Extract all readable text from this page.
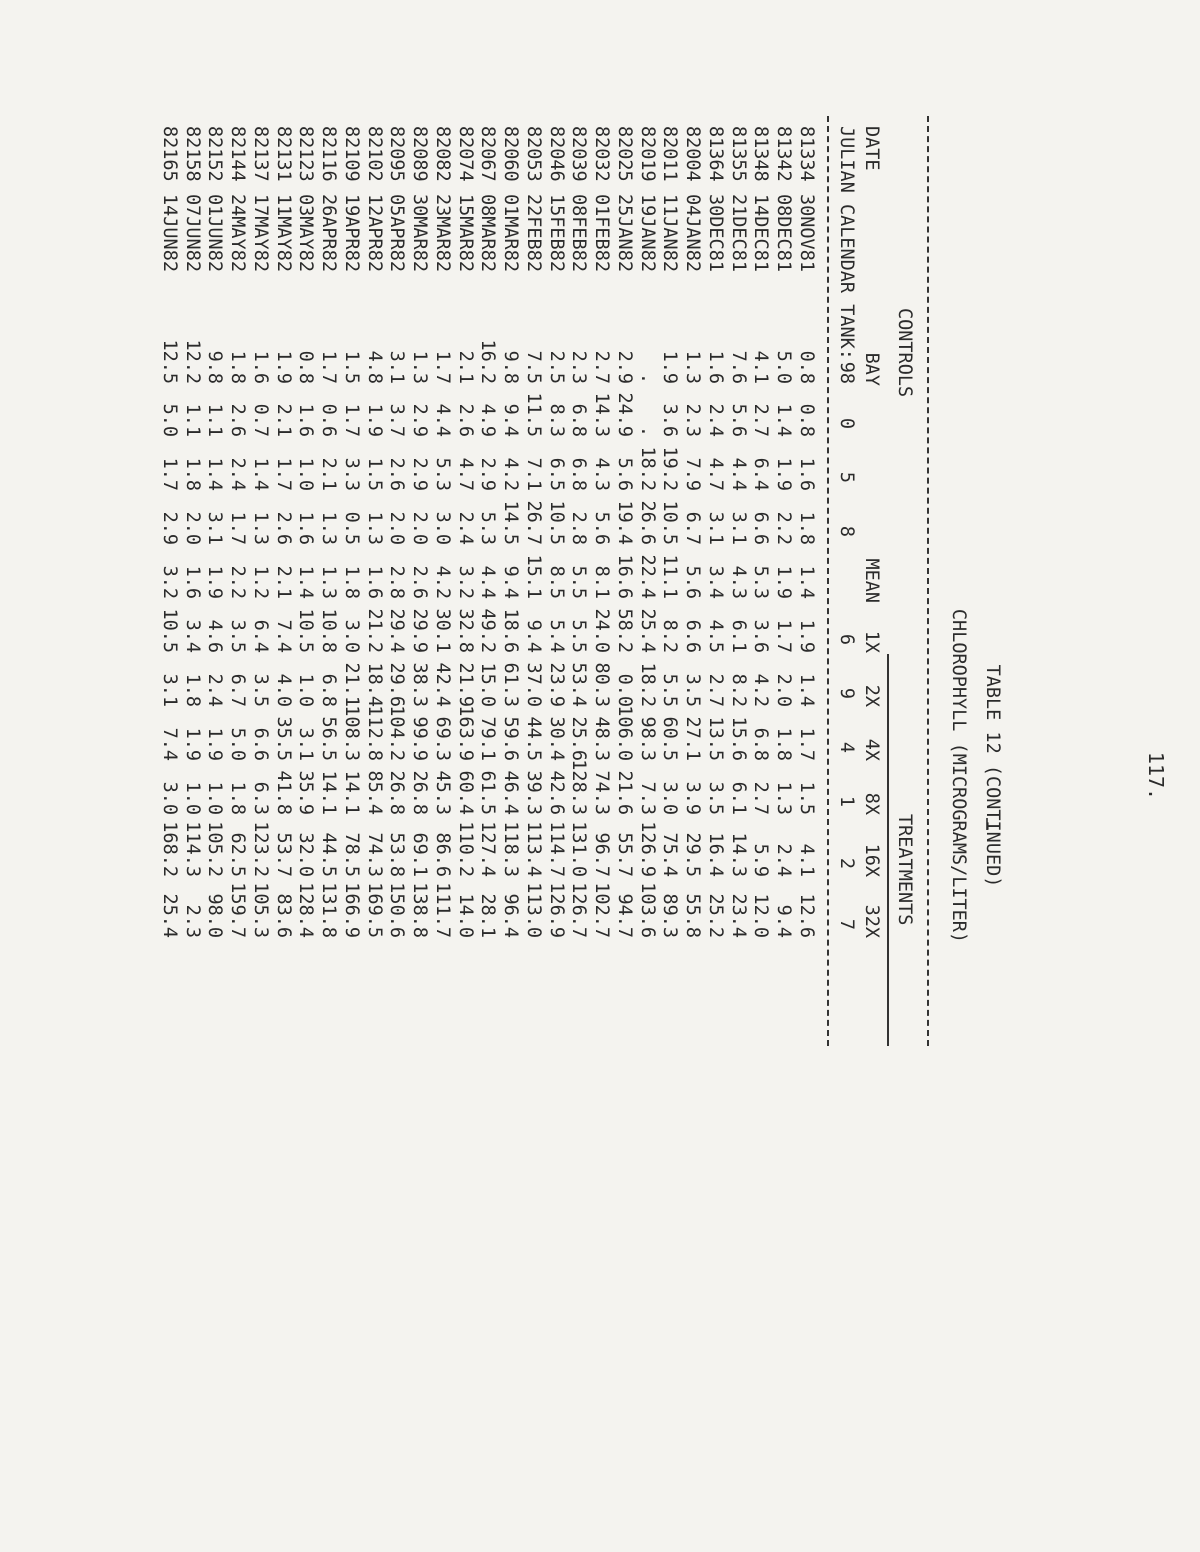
117.
TABLE 12 (CONTINUED)
CHLOROPHYLL (MICROGRAMS/LITER)
CONTROLS
TREATMENTS
DATE
JULIAN CALENDAR TANK:
BAY
MEAN
1X
2X
4X
8X
16X
32X
98
0
5
8
6
9
4
1
2
7
81334
30NOV81
0.8
0.8
1.6
1.8
1.4
1.9
1.4
1.7
1.5
4.1
12.6
81342
08DEC81
5.0
1.4
1.9
2.2
1.9
1.7
2.0
1.8
1.3
2.4
9.4
81348
14DEC81
4.1
2.7
6.4
6.6
5.3
3.6
4.2
6.8
2.7
5.9
12.0
81355
21DEC81
7.6
5.6
4.4
3.1
4.3
6.1
8.2
15.6
6.1
14.3
23.4
81364
30DEC81
1.6
2.4
4.7
3.1
3.4
4.5
2.7
13.5
3.5
16.4
25.2
82004
04JAN82
1.3
2.3
7.9
6.7
5.6
6.6
3.5
27.1
3.9
29.5
55.8
82011
11JAN82
1.9
3.6
19.2
10.5
11.1
8.2
5.5
60.5
3.0
75.4
89.3
82019
19JAN82
.
.
18.2
26.6
22.4
25.4
18.2
98.3
7.3
126.9
103.6
82025
25JAN82
2.9
24.9
5.6
19.4
16.6
58.2
0.0
106.0
21.6
55.7
94.7
82032
01FEB82
2.7
14.3
4.3
5.6
8.1
24.0
80.3
48.3
74.3
96.7
102.7
82039
08FEB82
2.3
6.8
6.8
2.8
5.5
5.5
53.4
25.6
128.3
131.0
126.7
82046
15FEB82
2.5
8.3
6.5
10.5
8.5
5.4
23.9
30.4
42.6
114.7
126.9
82053
22FEB82
7.5
11.5
7.1
26.7
15.1
9.4
37.0
44.5
39.3
113.4
113.0
82060
01MAR82
9.8
9.4
4.2
14.5
9.4
18.6
61.3
59.6
46.4
118.3
96.4
82067
08MAR82
16.2
4.9
2.9
5.3
4.4
49.2
15.0
79.1
61.5
127.4
28.1
82074
15MAR82
2.1
2.6
4.7
2.4
3.2
32.8
21.9
163.9
60.4
110.2
14.0
82082
23MAR82
1.7
4.4
5.3
3.0
4.2
30.1
42.4
69.3
45.3
86.6
111.7
82089
30MAR82
1.3
2.9
2.9
2.0
2.6
29.9
38.3
99.9
26.8
69.1
138.8
82095
05APR82
3.1
3.7
2.6
2.0
2.8
29.4
29.6
104.2
26.8
53.8
150.6
82102
12APR82
4.8
1.9
1.5
1.3
1.6
21.2
18.4
112.8
85.4
74.3
169.5
82109
19APR82
1.5
1.7
3.3
0.5
1.8
3.0
21.1
108.3
14.1
78.5
166.9
82116
26APR82
1.7
0.6
2.1
1.3
1.3
10.8
6.8
56.5
14.1
44.5
131.8
82123
03MAY82
0.8
1.6
1.0
1.6
1.4
10.5
1.0
3.1
35.9
32.0
128.4
82131
11MAY82
1.9
2.1
1.7
2.6
2.1
7.4
4.0
35.5
41.8
53.7
83.6
82137
17MAY82
1.6
0.7
1.4
1.3
1.2
6.4
3.5
6.6
6.3
123.2
105.3
82144
24MAY82
1.8
2.6
2.4
1.7
2.2
3.5
6.7
5.0
1.8
62.5
159.7
82152
01JUN82
9.8
1.1
1.4
3.1
1.9
4.6
2.4
1.9
1.0
105.2
98.0
82158
07JUN82
12.2
1.1
1.8
2.0
1.6
3.4
1.8
1.9
1.0
114.3
2.3
82165
14JUN82
12.5
5.0
1.7
2.9
3.2
10.5
3.1
7.4
3.0
168.2
25.4
